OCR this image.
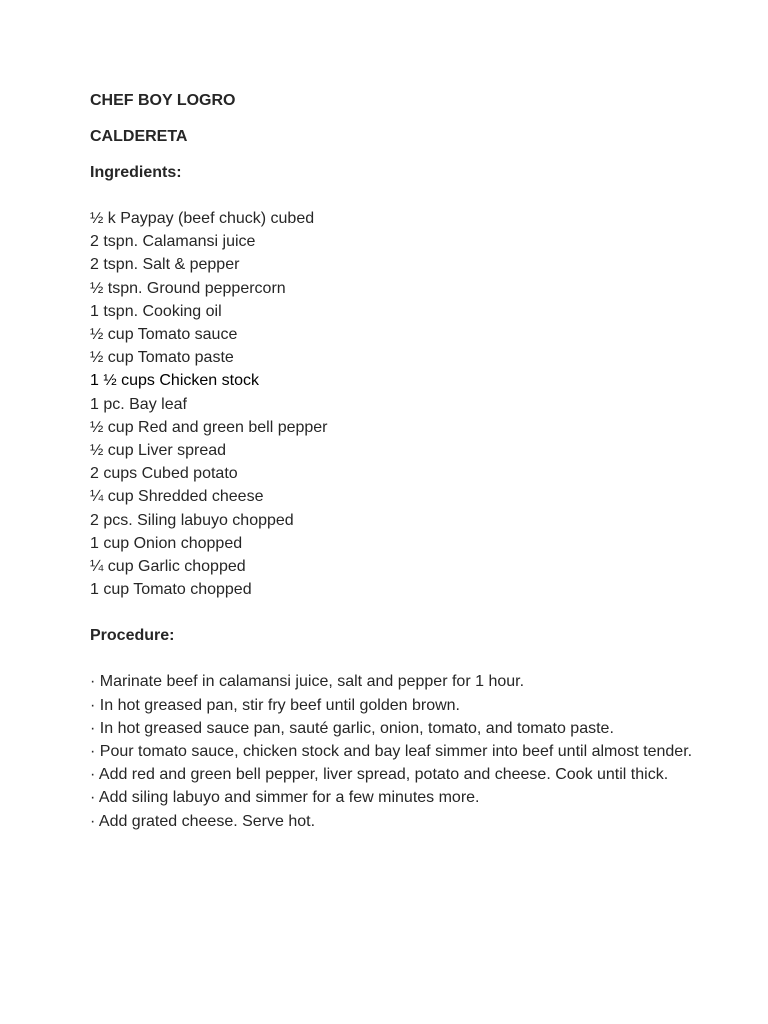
CHEF BOY LOGRO
CALDERETA
Ingredients:
½ k Paypay (beef chuck) cubed
2 tspn. Calamansi juice
2 tspn. Salt & pepper
½ tspn. Ground peppercorn
1 tspn. Cooking oil
½ cup Tomato sauce
½ cup Tomato paste
1 ½ cups Chicken stock
1 pc. Bay leaf
½ cup Red and green bell pepper
½ cup Liver spread
2 cups Cubed potato
¼ cup Shredded cheese
2 pcs. Siling labuyo chopped
1 cup Onion chopped
¼ cup Garlic chopped
1 cup Tomato chopped
Procedure:
· Marinate beef in calamansi juice, salt and pepper for 1 hour.
· In hot greased pan, stir fry beef until golden brown.
· In hot greased sauce pan, sauté garlic, onion, tomato, and tomato paste.
· Pour tomato sauce, chicken stock and bay leaf simmer into beef until almost tender.
· Add red and green bell pepper, liver spread, potato and cheese. Cook until thick.
· Add siling labuyo and simmer for a few minutes more.
· Add grated cheese. Serve hot.
